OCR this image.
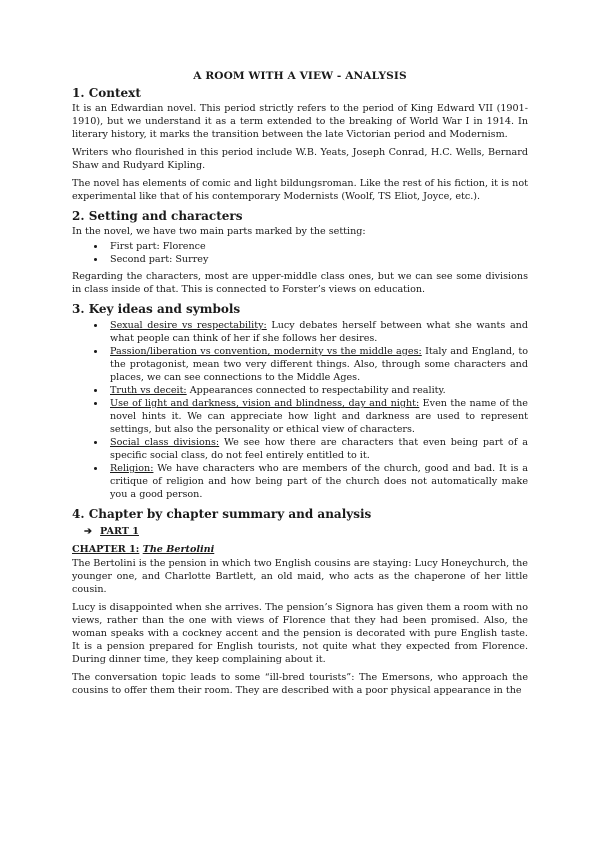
A ROOM WITH A VIEW - ANALYSIS
1. Context

It is an Edwardian novel. This period strictly refers to the period of King Edward VII (1901-1910), but we understand it as a term extended to the breaking of World War I in 1914. In literary history, it marks the transition between the late Victorian period and Modernism.

Writers who flourished in this period include W.B. Yeats, Joseph Conrad, H.C. Wells, Bernard Shaw and Rudyard Kipling.

The novel has elements of comic and light bildungsroman. Like the rest of his fiction, it is not experimental like that of his contemporary Modernists (Woolf, TS Eliot, Joyce, etc.).

2. Setting and characters

In the novel, we have two main parts marked by the setting:

• First part: Florence
• Second part: Surrey

Regarding the characters, most are upper-middle class ones, but we can see some divisions in class inside of that. This is connected to Forster’s views on education.

3. Key ideas and symbols
• Sexual desire vs respectability: Lucy debates herself between what she wants and what people can think of her if she follows her desires.
• Passion/liberation vs convention, modernity vs the middle ages: Italy and England, to the protagonist, mean two very different things. Also, through some characters and places, we can see connections to the Middle Ages.
• Truth vs deceit: Appearances connected to respectability and reality.
• Use of light and darkness, vision and blindness, day and night: Even the name of the novel hints it. We can appreciate how light and darkness are used to represent settings, but also the personality or ethical view of characters.
• Social class divisions: We see how there are characters that even being part of a specific social class, do not feel entirely entitled to it.
• Religion: We have characters who are members of the church, good and bad. It is a critique of religion and how being part of the church does not automatically make you a good person.
4. Chapter by chapter summary and analysis
➔ PART 1
CHAPTER 1: The Bertolini

The Bertolini is the pension in which two English cousins are staying: Lucy Honeychurch, the younger one, and Charlotte Bartlett, an old maid, who acts as the chaperone of her little cousin.

Lucy is disappointed when she arrives. The pension’s Signora has given them a room with no views, rather than the one with views of Florence that they had been promised. Also, the woman speaks with a cockney accent and the pension is decorated with pure English taste. It is a pension prepared for English tourists, not quite what they expected from Florence. During dinner time, they keep complaining about it.

The conversation topic leads to some “ill-bred tourists”: The Emersons, who approach the cousins to offer them their room. They are described with a poor physical appearance in the
